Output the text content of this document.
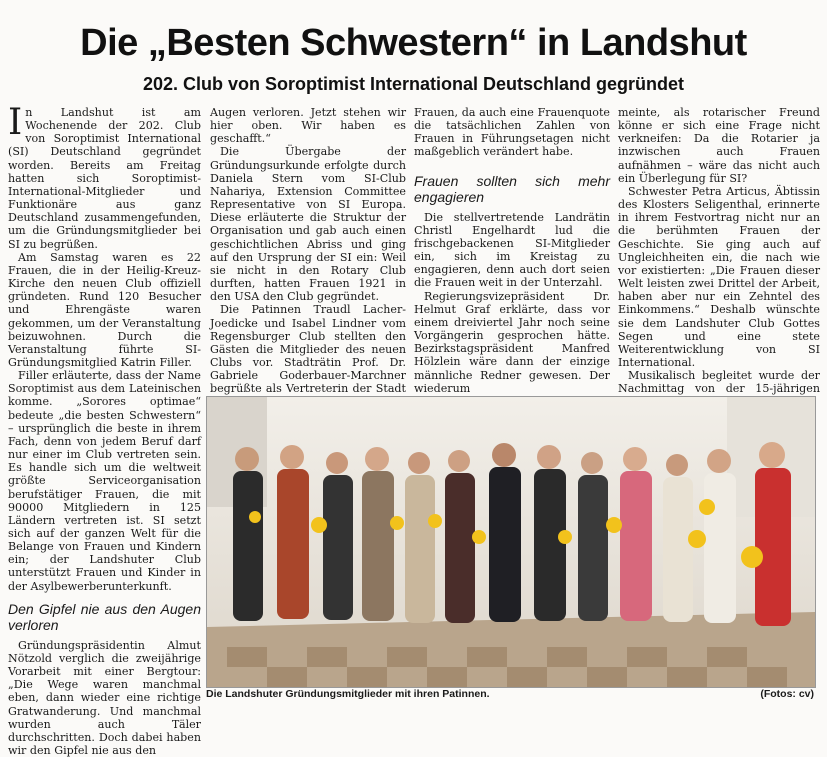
Die „Besten Schwestern“ in Landshut
202. Club von Soroptimist International Deutschland gegründet

In Landshut ist am Wochenende der 202. Club von Soroptimist International (SI) Deutschland gegründet worden. Bereits am Freitag hatten sich Soroptimist-International-Mitglieder und Funktionäre aus ganz Deutschland zusammengefunden, um die Gründungsmitglieder bei SI zu begrüßen.

Am Samstag waren es 22 Frauen, die in der Heilig-Kreuz-Kirche den neuen Club offiziell gründeten. Rund 120 Besucher und Ehrengäste waren gekommen, um der Veranstaltung beizuwohnen. Durch die Veranstaltung führte SI-Gründungsmitglied Katrin Filler.

Filler erläuterte, dass der Name Soroptimist aus dem Lateinischen komme. „Sorores optimae“ bedeute „die besten Schwestern“ – ursprünglich die beste in ihrem Fach, denn von jedem Beruf darf nur einer im Club vertreten sein. Es handle sich um die weltweit größte Serviceorganisation berufstätiger Frauen, die mit 90000 Mitgliedern in 125 Ländern vertreten ist. SI setzt sich auf der ganzen Welt für die Belange von Frauen und Kindern ein; der Landshuter Club unterstützt Frauen und Kinder in der Asylbewerberunterkunft.

Den Gipfel nie aus den Augen verloren

Gründungspräsidentin Almut Nötzold verglich die zweijährige Vorarbeit mit einer Bergtour: „Die Wege waren manchmal eben, dann wieder eine richtige Gratwanderung. Und manchmal wurden auch Täler durchschritten. Doch dabei haben wir den Gipfel nie aus den

Augen verloren. Jetzt stehen wir hier oben. Wir haben es geschafft.“

Die Übergabe der Gründungsurkunde erfolgte durch Daniela Stern vom SI-Club Nahariya, Extension Committee Representative von SI Europa. Diese erläuterte die Struktur der Organisation und gab auch einen geschichtlichen Abriss und ging auf den Ursprung der SI ein: Weil sie nicht in den Rotary Club durften, hatten Frauen 1921 in den USA den Club gegründet.

Die Patinnen Traudl Lacher-Joedicke und Isabel Lindner vom Regensburger Club stellten den Gästen die Mitglieder des neuen Clubs vor. Stadträtin Prof. Dr. Gabriele Goderbauer-Marchner begrüßte als Vertreterin der Stadt

Frauen, da auch eine Frauenquote die tatsächlichen Zahlen von Frauen in Führungsetagen nicht maßgeblich verändert habe.

Frauen sollten sich mehr engagieren

Die stellvertretende Landrätin Christl Engelhardt lud die frischgebackenen SI-Mitglieder ein, sich im Kreistag zu engagieren, denn auch dort seien die Frauen weit in der Unterzahl.

Regierungsvizepräsident Dr. Helmut Graf erklärte, dass vor einem dreiviertel Jahr noch seine Vorgängerin gesprochen hätte. Bezirkstagspräsident Manfred Hölzlein wäre dann der einzige männliche Redner gewesen. Der wiederum

meinte, als rotarischer Freund könne er sich eine Frage nicht verkneifen: Da die Rotarier ja inzwischen auch Frauen aufnähmen – wäre das nicht auch ein Überlegung für SI?

Schwester Petra Articus, Äbtissin des Klosters Seligenthal, erinnerte in ihrem Festvortrag nicht nur an die berühmten Frauen der Geschichte. Sie ging auch auf Ungleichheiten ein, die nach wie vor existierten: „Die Frauen dieser Welt leisten zwei Drittel der Arbeit, haben aber nur ein Zehntel des Einkommens.“ Deshalb wünschte sie dem Landshuter Club Gottes Segen und eine stete Weiterentwicklung von SI International.

Musikalisch begleitet wurde der Nachmittag von der 15-jährigen

Die Landshuter Gründungsmitglieder mit ihren Patinnen.	(Fotos: cv)
